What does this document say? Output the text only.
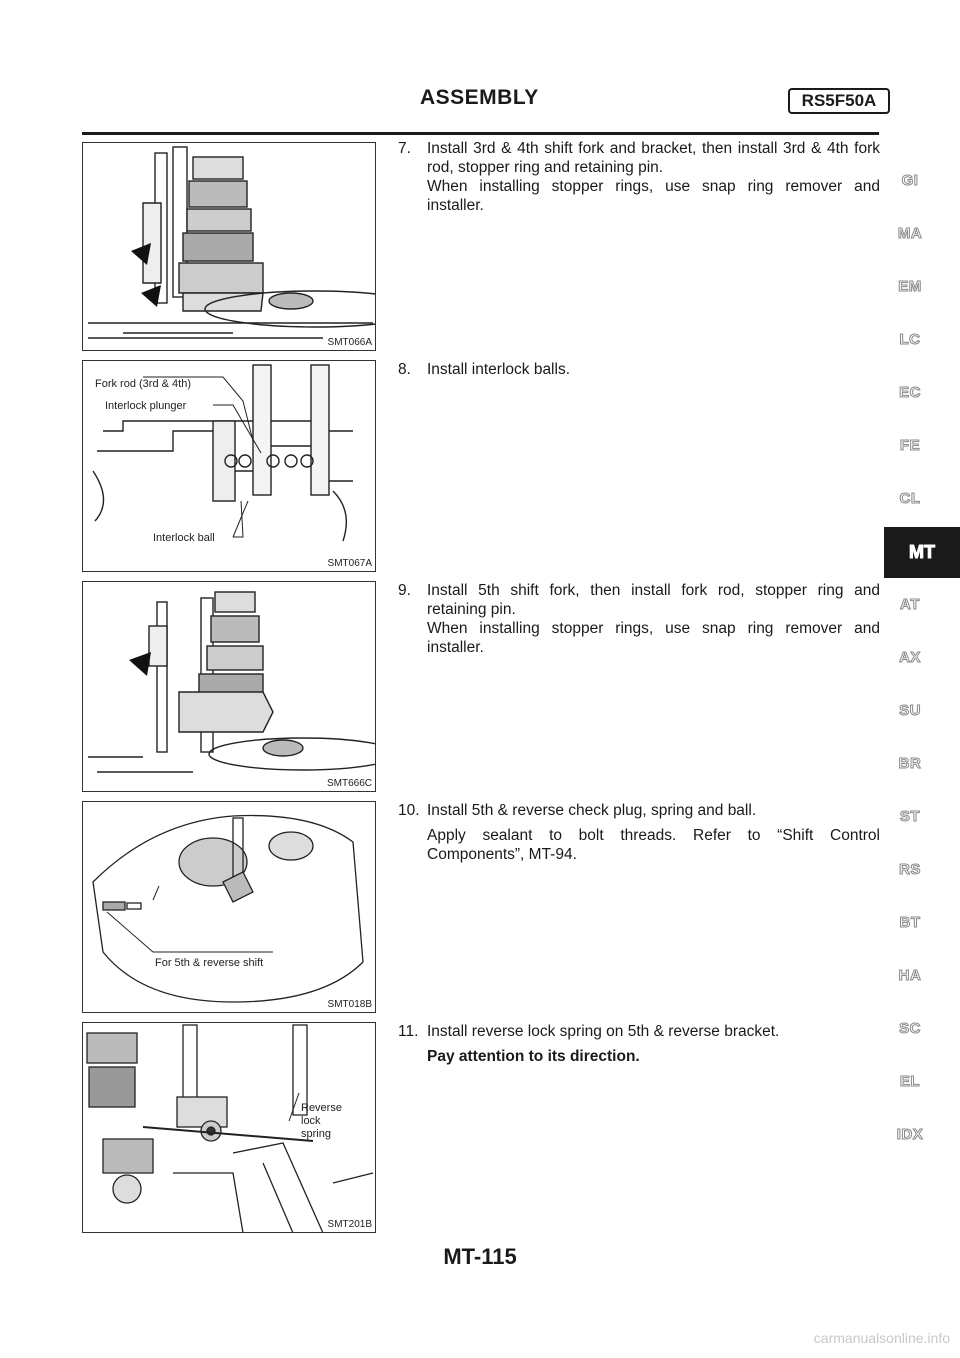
ASSEMBLY	RS5F50A
SMT066A
Fork rod (3rd & 4th)
Interlock plunger
Interlock ball
SMT067A
SMT666C
For 5th & reverse shift
SMT018B
Reverse
lock
spring
SMT201B
7.	Install 3rd & 4th shift fork and bracket, then install 3rd & 4th fork rod, stopper ring and retaining pin.
When installing stopper rings, use snap ring remover and installer.
8.	Install interlock balls.
9.	Install 5th shift fork, then install fork rod, stopper ring and retaining pin.
When installing stopper rings, use snap ring remover and installer.
10. Install 5th & reverse check plug, spring and ball.
Apply sealant to bolt threads. Refer to “Shift Control Components”, MT-94.
11. Install reverse lock spring on 5th & reverse bracket.
Pay attention to its direction.
GI
MA
EM
LC
EC
FE
CL
MT
AT
AX
SU
BR
ST
RS
BT
HA
SC
EL
IDX
MT-115
carmanualsonline.info
